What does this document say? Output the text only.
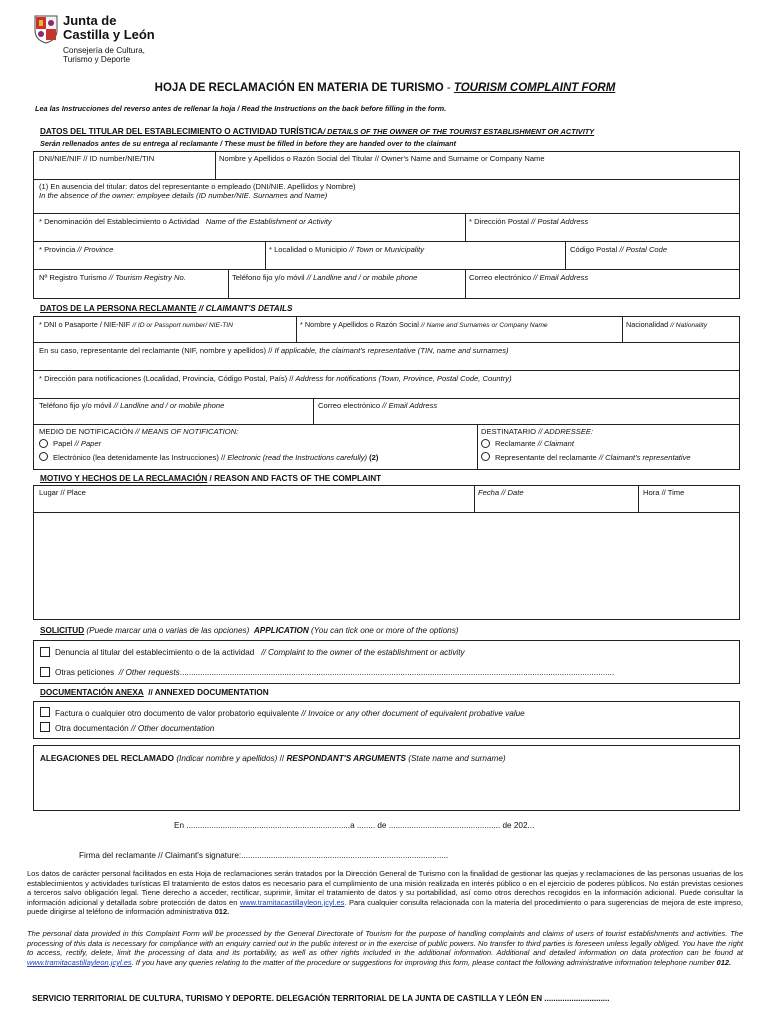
Junta de
Castilla y León
Consejería de Cultura,
Turismo y Deporte
HOJA DE RECLAMACIÓN EN MATERIA DE TURISMO - TOURISM COMPLAINT FORM
Lea las Instrucciones del reverso antes de rellenar la hoja / Read the Instructions on the back before filling in the form.
DATOS DEL TITULAR DEL ESTABLECIMIENTO O ACTIVIDAD TURÍSTICA/ DETAILS OF THE OWNER OF THE TOURIST ESTABLISHMENT OR ACTIVITY
Serán rellenados antes de su entrega al reclamante / These must be filled in before they are handed over to the claimant
DNI/NIE/NIF // ID number/NIE/TIN	Nombre y Apellidos o Razón Social del Titular // Owner's Name and Surname or Company Name
(1) En ausencia del titular: datos del representante o empleado (DNI/NIE. Apellidos y Nombre)
In the absence of the owner: employee details (ID number/NIE. Surnames and Name)
* Denominación del Establecimiento o Actividad Name of the Establishment or Activity	* Dirección Postal // Postal Address
* Provincia // Province	* Localidad o Municipio // Town or Municipality	Código Postal // Postal Code
Nº Registro Turismo // Tourism Registry No.	Teléfono fijo y/o móvil // Landline and / or mobile phone	Correo electrónico // Email Address
DATOS DE LA PERSONA RECLAMANTE // CLAIMANT'S DETAILS
* DNI o Pasaporte / NIE-NIF // ID or Passport number/ NIE-TIN	* Nombre y Apellidos o Razón Social // Name and Surnames or Company Name	Nacionalidad // Nationality
En su caso, representante del reclamante (NIF, nombre y apellidos) // If applicable, the claimant's representative (TIN, name and surnames)
* Dirección para notificaciones (Localidad, Provincia, Código Postal, País) // Address for notifications (Town, Province, Postal Code, Country)
Teléfono fijo y/o móvil // Landline and / or mobile phone	Correo electrónico // Email Address
MEDIO DE NOTIFICACIÓN // MEANS OF NOTIFICATION:
Papel // Paper
Electrónico (lea detenidamente las Instrucciones) // Electronic (read the Instructions carefully) (2)
DESTINATARIO // ADDRESSEE:
Reclamante // Claimant
Representante del reclamante // Claimant's representative
MOTIVO Y HECHOS DE LA RECLAMACIÓN / REASON AND FACTS OF THE COMPLAINT
Lugar // Place	Fecha // Date	Hora // Time
SOLICITUD (Puede marcar una o varias de las opciones) APPLICATION (You can tick one or more of the options)
Denuncia al titular del establecimiento o de la actividad // Complaint to the owner of the establishment or activity
Otras peticiones // Other requests...............................................................................................................................................................................................
DOCUMENTACIÓN ANEXA // ANNEXED DOCUMENTATION
Factura o cualquier otro documento de valor probatorio equivalente // Invoice or any other document of equivalent probative value
Otra documentación // Other documentation
ALEGACIONES DEL RECLAMADO (Indicar nombre y apellidos) // RESPONDANT'S ARGUMENTS (State name and surname)
En ........................................................................a ........ de ................................................. de 202...
Firma del reclamante // Claimant's signature:...........................................................................................
Los datos de carácter personal facilitados en esta Hoja de reclamaciones serán tratados por la Dirección General de Turismo con la finalidad de gestionar las quejas y reclamaciones de las personas usuarias de los establecimientos y actividades turísticas El tratamiento de estos datos es necesario para el cumplimiento de una misión realizada en interés público o en el ejercicio de poderes públicos. No están previstas cesiones a terceros salvo obligación legal. Tiene derecho a acceder, rectificar, suprimir, limitar el tratamiento de datos y su portabilidad, así como otros derechos recogidos en la información adicional. Puede consultar la información adicional y detallada sobre protección de datos en www.tramitacastillayleon.jcyl.es. Para cualquier consulta relacionada con la materia del procedimiento o para sugerencias de mejora de este impreso, puede dirigirse al teléfono de información administrativa 012.
The personal data provided in this Complaint Form will be processed by the General Directorate of Tourism for the purpose of handling complaints and claims of users of tourist establishments and activities. The processing of this data is necessary for compliance with an enquiry carried out in the public interest or in the exercise of public powers. No transfer to third parties is foreseen unless legally obliged. You have the right to access, rectify, delete, limit the processing of data and its portability, as well as other rights included in the additional information. Additional and detailed information on data protection can be found at www.tramitacastillayleon.jcyl.es. If you have any queries relating to the matter of the procedure or suggestions for improving this form, please contact the following administrative information telephone number 012.
SERVICIO TERRITORIAL DE CULTURA, TURISMO Y DEPORTE. DELEGACIÓN TERRITORIAL DE LA JUNTA DE CASTILLA Y LEÓN EN .............................
